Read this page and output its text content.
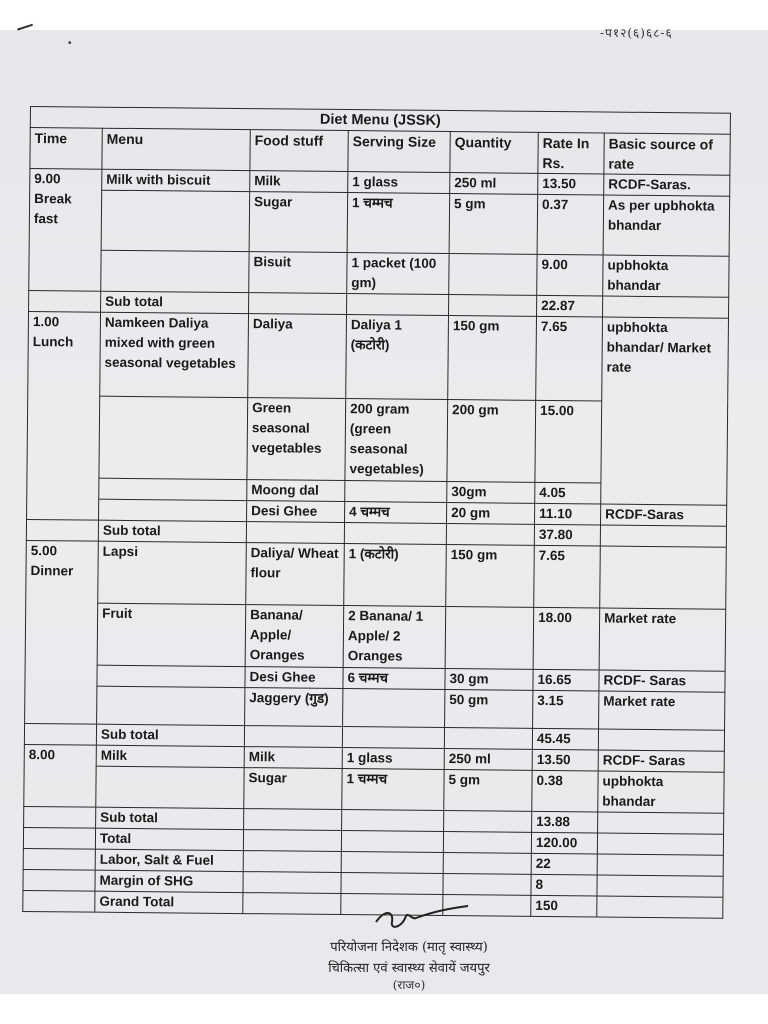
•
-प१२(६)६८-६
Diet Menu (JSSK)						
Time	Menu	Food stuff	Serving Size	Quantity	Rate In Rs.	Basic source of rate
9.00 Break fast	Milk with biscuit	Milk	1 glass	250 ml	13.50	RCDF-Saras.
		Sugar	1 चम्मच	5 gm	0.37	As per upbhokta bhandar
		Bisuit	1 packet (100 gm)		9.00	upbhokta bhandar
	Sub total				22.87	
1.00 Lunch	Namkeen Daliya mixed with green seasonal vegetables	Daliya	Daliya 1 (कटोरी)	150 gm	7.65	upbhokta bhandar/ Market rate
		Green seasonal vegetables	200 gram (green seasonal vegetables)	200 gm	15.00	
		Moong dal		30gm	4.05	
		Desi Ghee	4 चम्मच	20 gm	11.10	RCDF-Saras
	Sub total				37.80	
5.00 Dinner	Lapsi	Daliya/ Wheat flour	1 (कटोरी)	150 gm	7.65	
	Fruit	Banana/ Apple/ Oranges	2 Banana/ 1 Apple/ 2 Oranges		18.00	Market rate
		Desi Ghee	6 चम्मच	30 gm	16.65	RCDF- Saras
		Jaggery (गुड)		50 gm	3.15	Market rate
	Sub total				45.45	
8.00	Milk	Milk	1 glass	250 ml	13.50	RCDF- Saras
		Sugar	1 चम्मच	5 gm	0.38	upbhokta bhandar
	Sub total				13.88	
	Total				120.00	
	Labor, Salt & Fuel				22	
	Margin of SHG				8	
	Grand Total				150	
परियोजना निदेशक (मातृ स्वास्थ्य)
चिकित्सा एवं स्वास्थ्य सेवायें जयपुर
(राज०)
